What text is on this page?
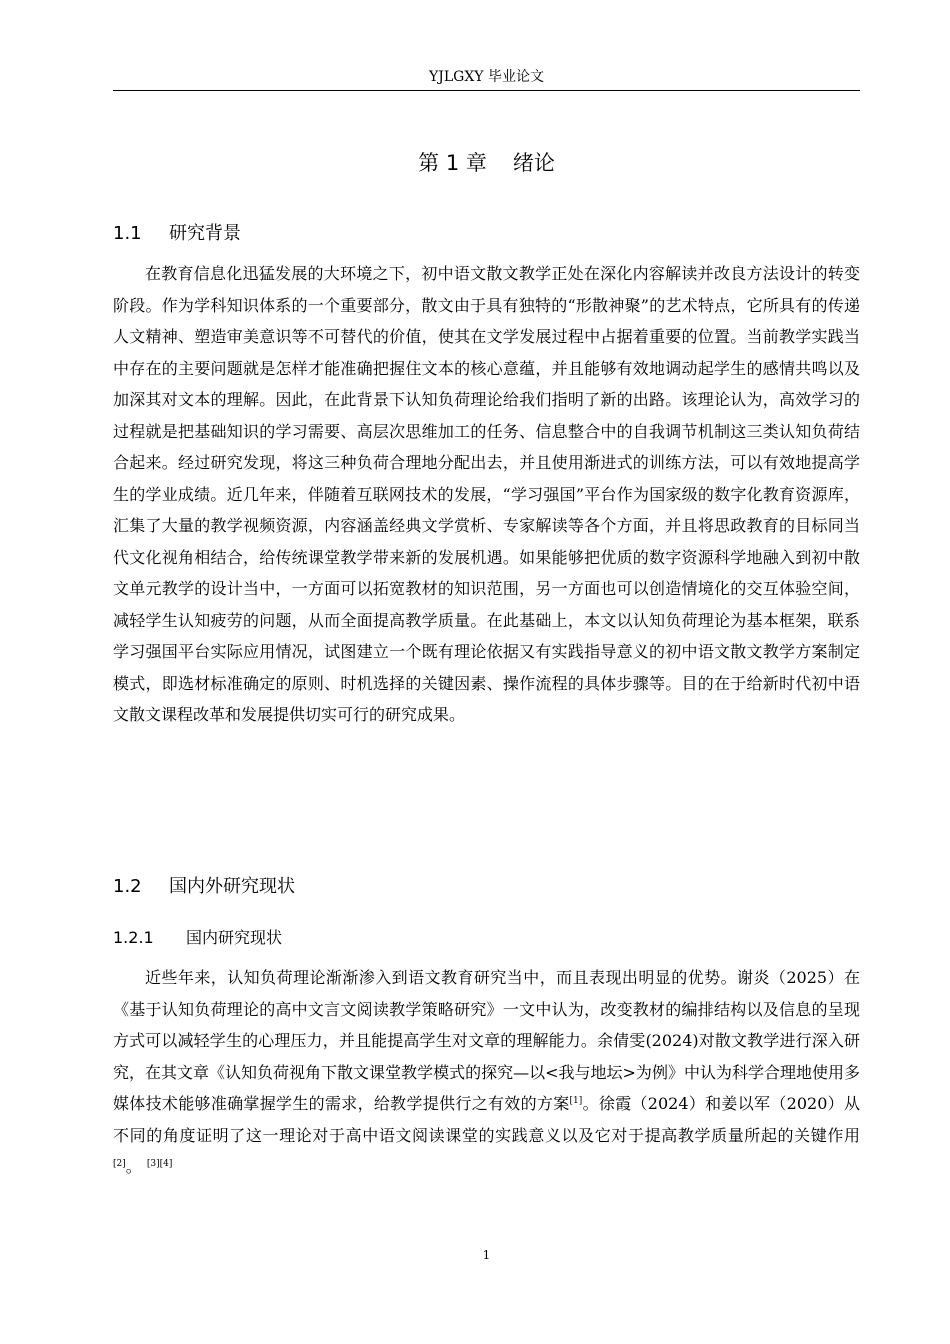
YJLGXY 毕业论文
第 1 章 绪论
1.1 研究背景

在教育信息化迅猛发展的大环境之下，初中语文散文教学正处在深化内容解读并改良方法设计的转变阶段。作为学科知识体系的一个重要部分，散文由于具有独特的“形散神聚”的艺术特点，它所具有的传递人文精神、塑造审美意识等不可替代的价值，使其在文学发展过程中占据着重要的位置。当前教学实践当中存在的主要问题就是怎样才能准确把握住文本的核心意蕴，并且能够有效地调动起学生的感情共鸣以及加深其对文本的理解。因此，在此背景下认知负荷理论给我们指明了新的出路。该理论认为，高效学习的过程就是把基础知识的学习需要、高层次思维加工的任务、信息整合中的自我调节机制这三类认知负荷结合起来。经过研究发现，将这三种负荷合理地分配出去，并且使用渐进式的训练方法，可以有效地提高学生的学业成绩。近几年来，伴随着互联网技术的发展，“学习强国”平台作为国家级的数字化教育资源库，汇集了大量的教学视频资源，内容涵盖经典文学赏析、专家解读等各个方面，并且将思政教育的目标同当代文化视角相结合，给传统课堂教学带来新的发展机遇。如果能够把优质的数字资源科学地融入到初中散文单元教学的设计当中，一方面可以拓宽教材的知识范围，另一方面也可以创造情境化的交互体验空间，减轻学生认知疲劳的问题，从而全面提高教学质量。在此基础上，本文以认知负荷理论为基本框架，联系学习强国平台实际应用情况，试图建立一个既有理论依据又有实践指导意义的初中语文散文教学方案制定模式，即选材标准确定的原则、时机选择的关键因素、操作流程的具体步骤等。目的在于给新时代初中语文散文课程改革和发展提供切实可行的研究成果。

1.2 国内外研究现状
1.2.1 国内研究现状

近些年来，认知负荷理论渐渐渗入到语文教育研究当中，而且表现出明显的优势。谢炎（2025）在《基于认知负荷理论的高中文言文阅读教学策略研究》一文中认为，改变教材的编排结构以及信息的呈现方式可以减轻学生的心理压力，并且能提高学生对文章的理解能力。余倩雯(2024)对散文教学进行深入研究，在其文章《认知负荷视角下散文课堂教学模式的探究—以<我与地坛>为例》中认为科学合理地使用多媒体技术能够准确掌握学生的需求，给教学提供行之有效的方案[1]。徐霞（2024）和姜以军（2020）从不同的角度证明了这一理论对于高中语文阅读课堂的实践意义以及它对于提高教学质量所起的关键作用[2]。 [3][4]

1
